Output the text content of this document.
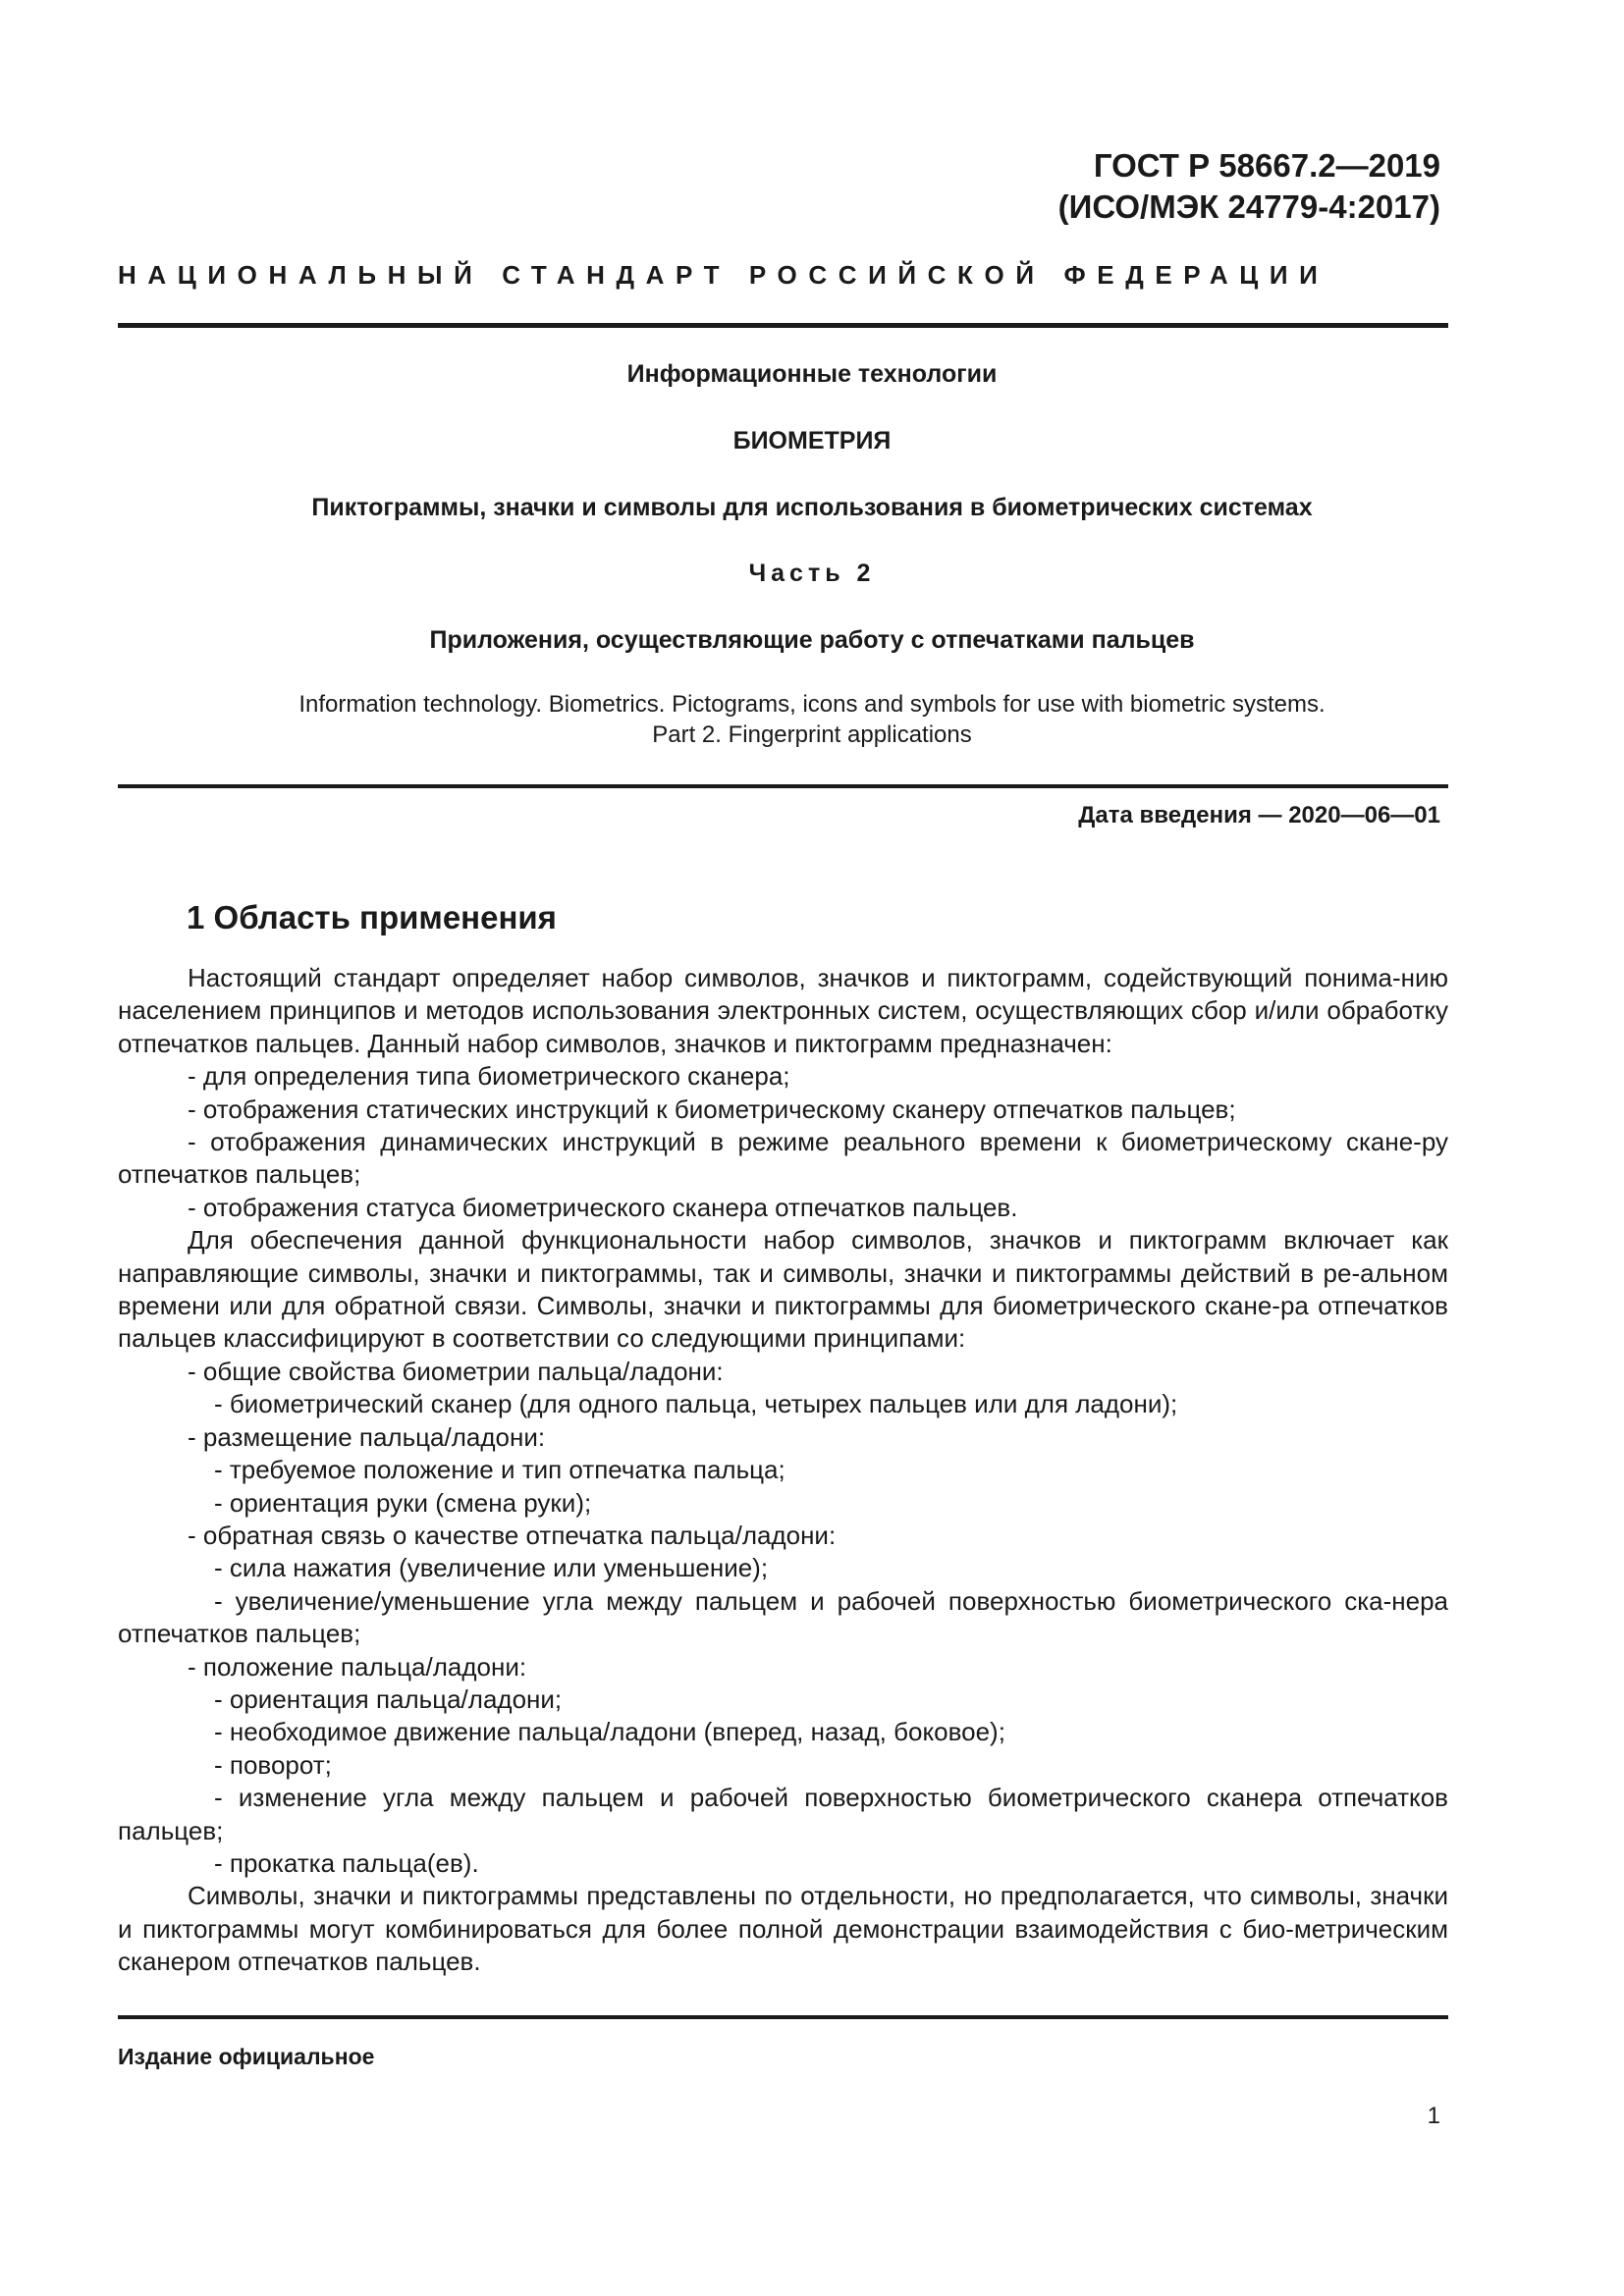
ГОСТ Р 58667.2—2019
(ИСО/МЭК 24779-4:2017)
НАЦИОНАЛЬНЫЙ СТАНДАРТ РОССИЙСКОЙ ФЕДЕРАЦИИ
Информационные технологии
БИОМЕТРИЯ
Пиктограммы, значки и символы для использования в биометрических системах
Часть 2
Приложения, осуществляющие работу с отпечатками пальцев
Information technology. Biometrics. Pictograms, icons and symbols for use with biometric systems.
Part 2. Fingerprint applications
Дата введения — 2020—06—01
1 Область применения

Настоящий стандарт определяет набор символов, значков и пиктограмм, содействующий понима-нию населением принципов и методов использования электронных систем, осуществляющих сбор и/или обработку отпечатков пальцев. Данный набор символов, значков и пиктограмм предназначен:

- для определения типа биометрического сканера;

- отображения статических инструкций к биометрическому сканеру отпечатков пальцев;

- отображения динамических инструкций в режиме реального времени к биометрическому скане-ру отпечатков пальцев;

- отображения статуса биометрического сканера отпечатков пальцев.

Для обеспечения данной функциональности набор символов, значков и пиктограмм включает как направляющие символы, значки и пиктограммы, так и символы, значки и пиктограммы действий в ре-альном времени или для обратной связи. Символы, значки и пиктограммы для биометрического скане-ра отпечатков пальцев классифицируют в соответствии со следующими принципами:

- общие свойства биометрии пальца/ладони:

- биометрический сканер (для одного пальца, четырех пальцев или для ладони);

- размещение пальца/ладони:

- требуемое положение и тип отпечатка пальца;

- ориентация руки (смена руки);

- обратная связь о качестве отпечатка пальца/ладони:

- сила нажатия (увеличение или уменьшение);

- увеличение/уменьшение угла между пальцем и рабочей поверхностью биометрического ска-нера отпечатков пальцев;

- положение пальца/ладони:

- ориентация пальца/ладони;

- необходимое движение пальца/ладони (вперед, назад, боковое);

- поворот;

- изменение угла между пальцем и рабочей поверхностью биометрического сканера отпечатков пальцев;

- прокатка пальца(ев).

Символы, значки и пиктограммы представлены по отдельности, но предполагается, что символы, значки и пиктограммы могут комбинироваться для более полной демонстрации взаимодействия с био-метрическим сканером отпечатков пальцев.

Издание официальное
1
